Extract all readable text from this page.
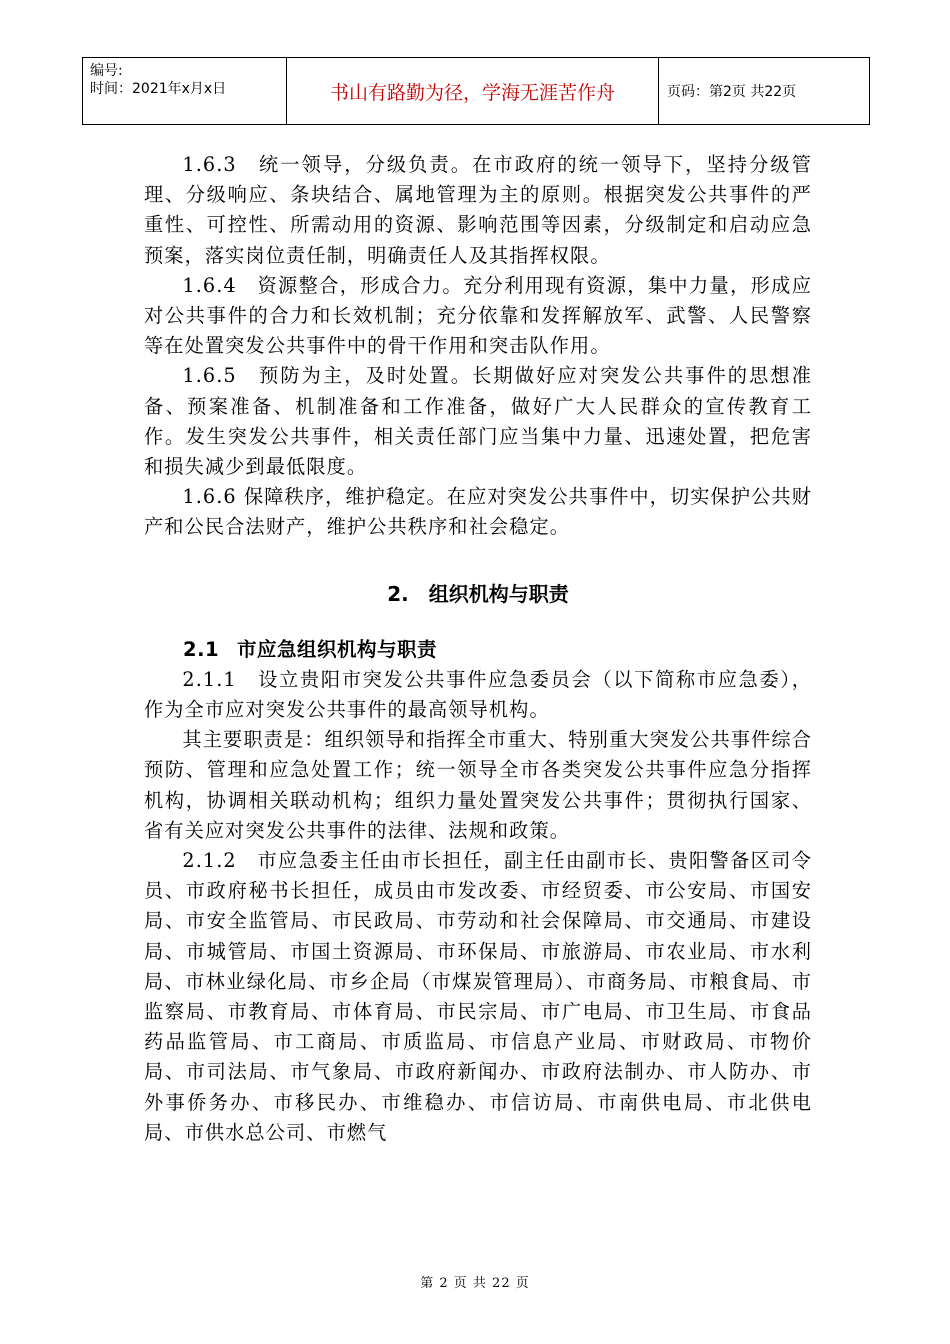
编号:
时间：2021年x月x日	书山有路勤为径，学海无涯苦作舟	页码：第2页 共22页

1.6.3　统一领导，分级负责。在市政府的统一领导下，坚持分级管理、分级响应、条块结合、属地管理为主的原则。根据突发公共事件的严重性、可控性、所需动用的资源、影响范围等因素，分级制定和启动应急预案，落实岗位责任制，明确责任人及其指挥权限。

1.6.4　资源整合，形成合力。充分利用现有资源，集中力量，形成应对公共事件的合力和长效机制；充分依靠和发挥解放军、武警、人民警察等在处置突发公共事件中的骨干作用和突击队作用。

1.6.5　预防为主，及时处置。长期做好应对突发公共事件的思想准备、预案准备、机制准备和工作准备，做好广大人民群众的宣传教育工作。发生突发公共事件，相关责任部门应当集中力量、迅速处置，把危害和损失减少到最低限度。

1.6.6 保障秩序，维护稳定。在应对突发公共事件中，切实保护公共财产和公民合法财产，维护公共秩序和社会稳定。

2.　组织机构与职责
2.1 市应急组织机构与职责

2.1.1　设立贵阳市突发公共事件应急委员会（以下简称市应急委），作为全市应对突发公共事件的最高领导机构。

其主要职责是：组织领导和指挥全市重大、特别重大突发公共事件综合预防、管理和应急处置工作；统一领导全市各类突发公共事件应急分指挥机构，协调相关联动机构；组织力量处置突发公共事件；贯彻执行国家、省有关应对突发公共事件的法律、法规和政策。

2.1.2　市应急委主任由市长担任，副主任由副市长、贵阳警备区司令员、市政府秘书长担任，成员由市发改委、市经贸委、市公安局、市国安局、市安全监管局、市民政局、市劳动和社会保障局、市交通局、市建设局、市城管局、市国土资源局、市环保局、市旅游局、市农业局、市水利局、市林业绿化局、市乡企局（市煤炭管理局）、市商务局、市粮食局、市监察局、市教育局、市体育局、市民宗局、市广电局、市卫生局、市食品药品监管局、市工商局、市质监局、市信息产业局、市财政局、市物价局、市司法局、市气象局、市政府新闻办、市政府法制办、市人防办、市外事侨务办、市移民办、市维稳办、市信访局、市南供电局、市北供电局、市供水总公司、市燃气

第 2 页 共 22 页
